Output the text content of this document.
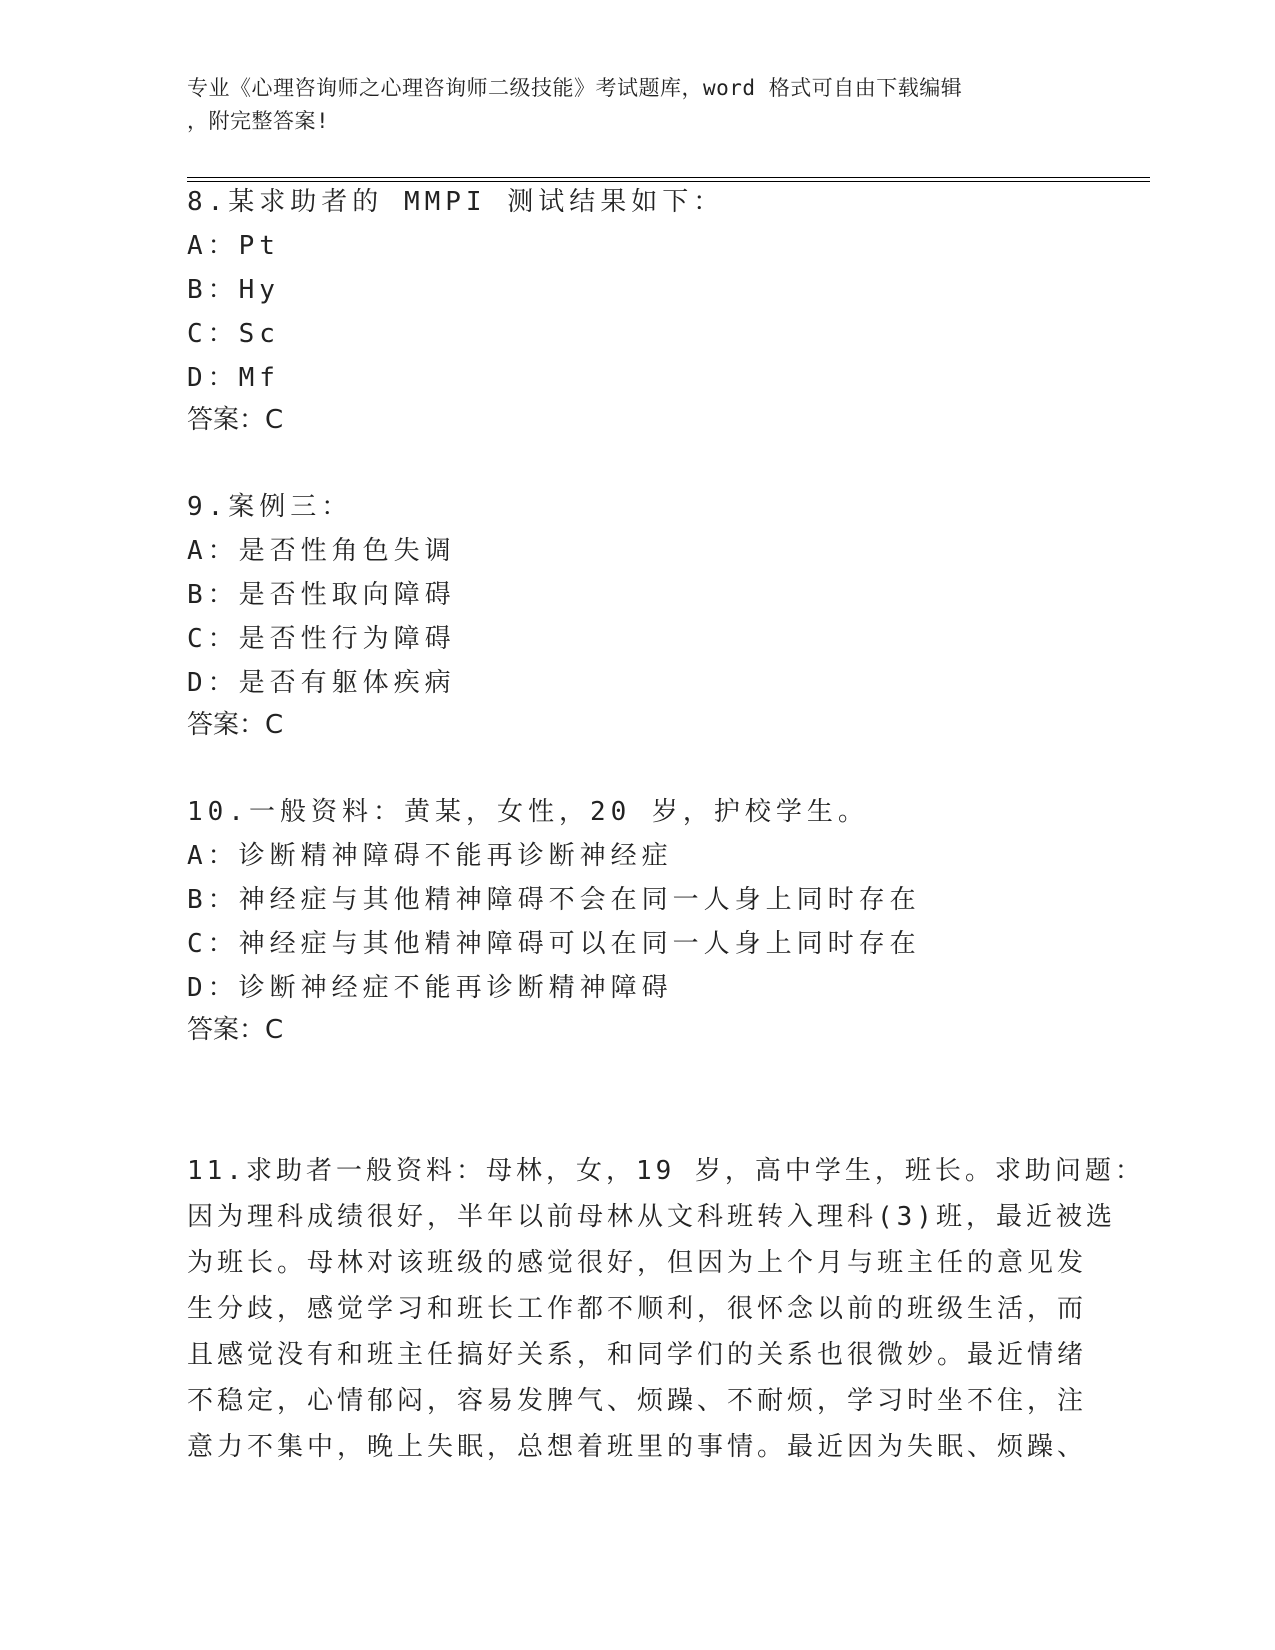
专业《心理咨询师之心理咨询师二级技能》考试题库，word 格式可自由下载编辑
，附完整答案!
8.某求助者的 MMPI 测试结果如下：
A：Pt
B：Hy
C：Sc
D：Mf
答案：C
9.案例三：
A：是否性角色失调
B：是否性取向障碍
C：是否性行为障碍
D：是否有躯体疾病
答案：C
10.一般资料：黄某，女性，20 岁，护校学生。
A：诊断精神障碍不能再诊断神经症
B：神经症与其他精神障碍不会在同一人身上同时存在
C：神经症与其他精神障碍可以在同一人身上同时存在
D：诊断神经症不能再诊断精神障碍
答案：C
11.求助者一般资料：母林，女，19 岁，高中学生，班长。求助问题：
因为理科成绩很好，半年以前母林从文科班转入理科(3)班，最近被选
为班长。母林对该班级的感觉很好，但因为上个月与班主任的意见发
生分歧，感觉学习和班长工作都不顺利，很怀念以前的班级生活，而
且感觉没有和班主任搞好关系，和同学们的关系也很微妙。最近情绪
不稳定，心情郁闷，容易发脾气、烦躁、不耐烦，学习时坐不住，注
意力不集中，晚上失眠，总想着班里的事情。最近因为失眠、烦躁、
